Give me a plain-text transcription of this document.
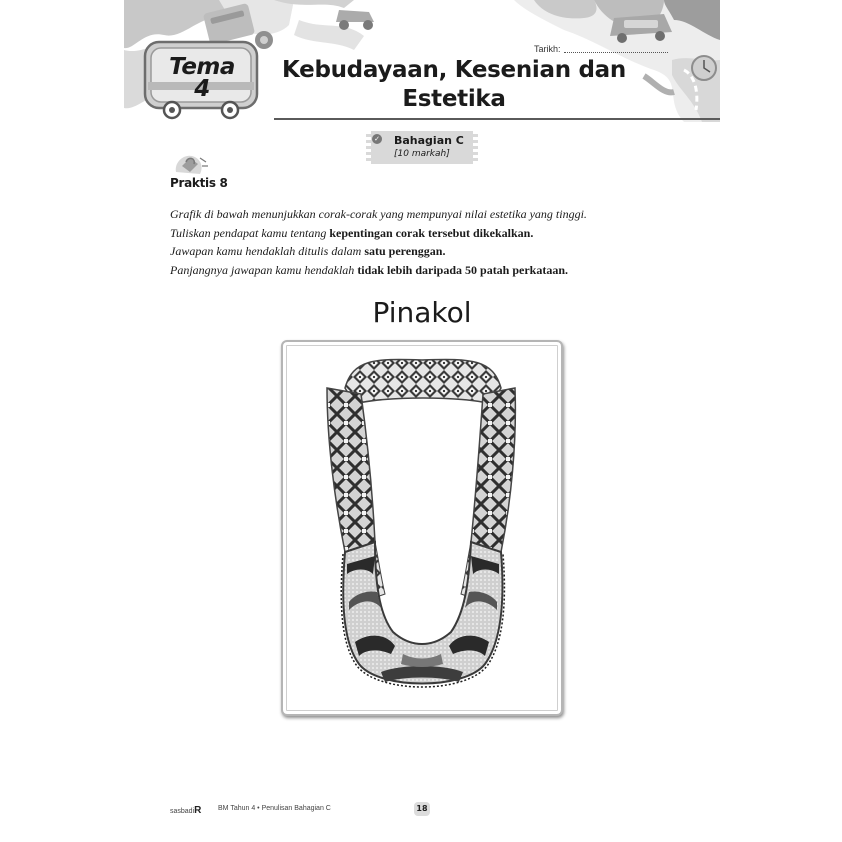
Tarikh:
Tema
4
Kebudayaan, Kesenian dan
Estetika
✓ Bahagian C
[10 markah]
Praktis 8

Grafik di bawah menunjukkan corak-corak yang mempunyai nilai estetika yang tinggi.

Tuliskan pendapat kamu tentang kepentingan corak tersebut dikekalkan.

Jawapan kamu hendaklah ditulis dalam satu perenggan.

Panjangnya jawapan kamu hendaklah tidak lebih daripada 50 patah perkataan.

Pinakol
sasbadiR BM Tahun 4 • Penulisan Bahagian C	18
